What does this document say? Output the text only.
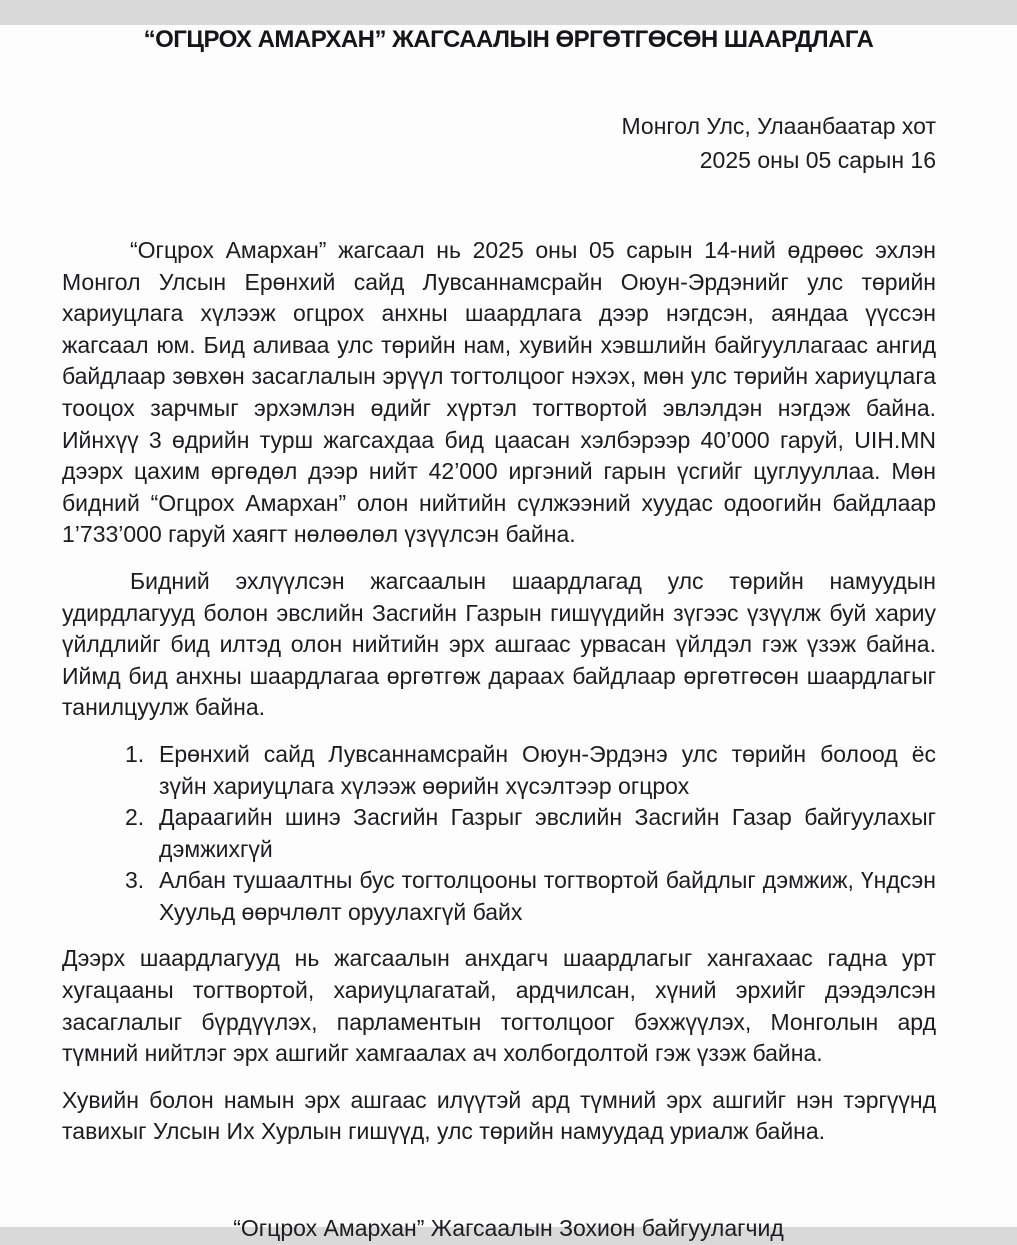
“ОГЦРОХ АМАРХАН” ЖАГСААЛЫН ӨРГӨТГӨСӨН ШААРДЛАГА
Монгол Улс, Улаанбаатар хот
2025 оны 05 сарын 16

“Огцрох Амархан” жагсаал нь 2025 оны 05 сарын 14-ний өдрөөс эхлэн Монгол Улсын Ерөнхий сайд Лувсаннамсрайн Оюун-Эрдэнийг улс төрийн хариуцлага хүлээж огцрох анхны шаардлага дээр нэгдсэн, аяндаа үүссэн жагсаал юм. Бид аливаа улс төрийн нам, хувийн хэвшлийн байгууллагаас ангид байдлаар зөвхөн засаглалын эрүүл тогтолцоог нэхэх, мөн улс төрийн хариуцлага тооцох зарчмыг эрхэмлэн өдийг хүртэл тогтвортой эвлэлдэн нэгдэж байна. Ийнхүү 3 өдрийн турш жагсахдаа бид цаасан хэлбэрээр 40’000 гаруй, UIH.MN дээрх цахим өргөдөл дээр нийт 42’000 иргэний гарын үсгийг цуглууллаа. Мөн бидний “Огцрох Амархан” олон нийтийн сүлжээний хуудас одоогийн байдлаар 1’733’000 гаруй хаягт нөлөөлөл үзүүлсэн байна.

Бидний эхлүүлсэн жагсаалын шаардлагад улс төрийн намуудын удирдлагууд болон эвслийн Засгийн Газрын гишүүдийн зүгээс үзүүлж буй хариу үйлдлийг бид илтэд олон нийтийн эрх ашгаас урвасан үйлдэл гэж үзэж байна. Иймд бид анхны шаардлагаа өргөтгөж дараах байдлаар өргөтгөсөн шаардлагыг танилцуулж байна.

1. Ерөнхий сайд Лувсаннамсрайн Оюун-Эрдэнэ улс төрийн болоод ёс зүйн хариуцлага хүлээж өөрийн хүсэлтээр огцрох
2. Дараагийн шинэ Засгийн Газрыг эвслийн Засгийн Газар байгуулахыг дэмжихгүй
3. Албан тушаалтны бус тогтолцооны тогтвортой байдлыг дэмжиж, Үндсэн Хуульд өөрчлөлт оруулахгүй байх

Дээрх шаардлагууд нь жагсаалын анхдагч шаардлагыг хангахаас гадна урт хугацааны тогтвортой, хариуцлагатай, ардчилсан, хүний эрхийг дээдэлсэн засаглалыг бүрдүүлэх, парламентын тогтолцоог бэхжүүлэх, Монголын ард түмний нийтлэг эрх ашгийг хамгаалах ач холбогдолтой гэж үзэж байна.

Хувийн болон намын эрх ашгаас илүүтэй ард түмний эрх ашгийг нэн тэргүүнд тавихыг Улсын Их Хурлын гишүүд, улс төрийн намуудад уриалж байна.

“Огцрох Амархан” Жагсаалын Зохион байгуулагчид
